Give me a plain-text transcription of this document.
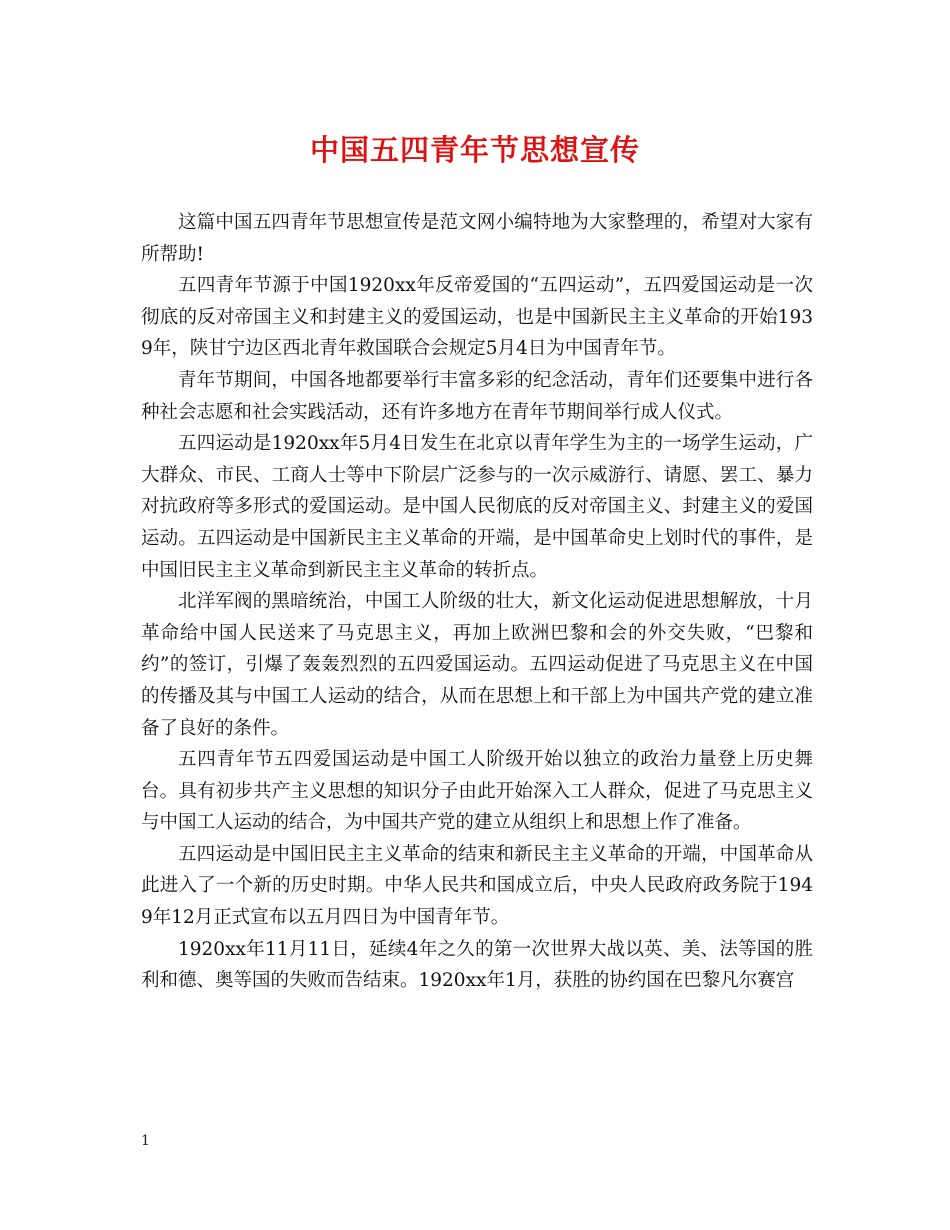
中国五四青年节思想宣传

这篇中国五四青年节思想宣传是范文网小编特地为大家整理的，希望对大家有所帮助!

五四青年节源于中国1920xx年反帝爱国的“五四运动”，五四爱国运动是一次彻底的反对帝国主义和封建主义的爱国运动，也是中国新民主主义革命的开始1939年，陕甘宁边区西北青年救国联合会规定5月4日为中国青年节。

青年节期间，中国各地都要举行丰富多彩的纪念活动，青年们还要集中进行各种社会志愿和社会实践活动，还有许多地方在青年节期间举行成人仪式。

五四运动是1920xx年5月4日发生在北京以青年学生为主的一场学生运动，广大群众、市民、工商人士等中下阶层广泛参与的一次示威游行、请愿、罢工、暴力对抗政府等多形式的爱国运动。是中国人民彻底的反对帝国主义、封建主义的爱国运动。五四运动是中国新民主主义革命的开端，是中国革命史上划时代的事件，是中国旧民主主义革命到新民主主义革命的转折点。

北洋军阀的黑暗统治，中国工人阶级的壮大，新文化运动促进思想解放，十月革命给中国人民送来了马克思主义，再加上欧洲巴黎和会的外交失败，“巴黎和约”的签订，引爆了轰轰烈烈的五四爱国运动。五四运动促进了马克思主义在中国的传播及其与中国工人运动的结合，从而在思想上和干部上为中国共产党的建立准备了良好的条件。

五四青年节五四爱国运动是中国工人阶级开始以独立的政治力量登上历史舞台。具有初步共产主义思想的知识分子由此开始深入工人群众，促进了马克思主义与中国工人运动的结合，为中国共产党的建立从组织上和思想上作了准备。

五四运动是中国旧民主主义革命的结束和新民主主义革命的开端，中国革命从此进入了一个新的历史时期。中华人民共和国成立后，中央人民政府政务院于1949年12月正式宣布以五月四日为中国青年节。

1920xx年11月11日，延续4年之久的第一次世界大战以英、美、法等国的胜利和德、奥等国的失败而告结束。1920xx年1月，获胜的协约国在巴黎凡尔赛宫

1
